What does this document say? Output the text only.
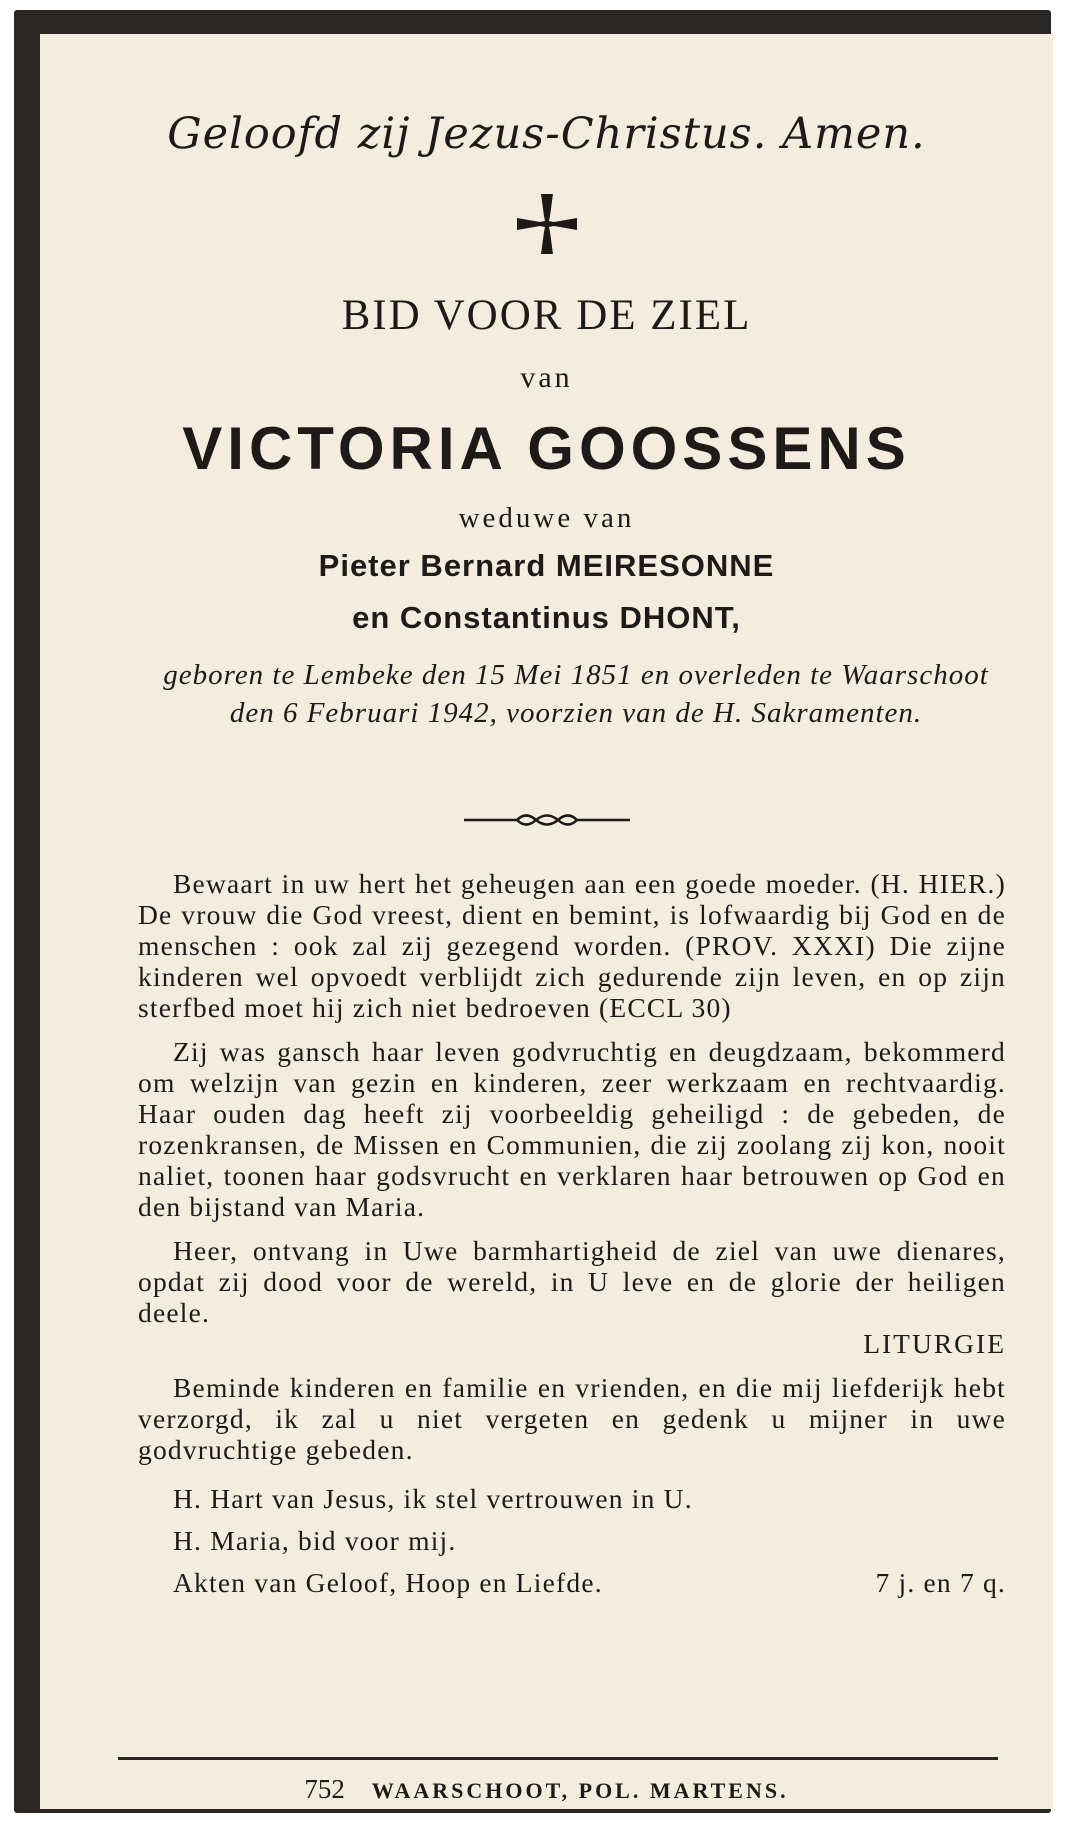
Geloofd zij Jezus-Christus. Amen.
BID VOOR DE ZIEL
van
VICTORIA GOOSSENS
weduwe van
Pieter Bernard MEIRESONNE
en Constantinus DHONT,
geboren te Lembeke den 15 Mei 1851 en overleden te Waarschoot den 6 Februari 1942, voorzien van de H. Sakramenten.

Bewaart in uw hert het geheugen aan een goede moeder. (H. HIER.) De vrouw die God vreest, dient en bemint, is lofwaardig bij God en de menschen : ook zal zij gezegend worden. (PROV. XXXI) Die zijne kinderen wel opvoedt verblijdt zich gedurende zijn leven, en op zijn sterfbed moet hij zich niet bedroeven (ECCL 30)

Zij was gansch haar leven godvruchtig en deugdzaam, bekommerd om welzijn van gezin en kinderen, zeer werkzaam en rechtvaardig. Haar ouden dag heeft zij voorbeeldig geheiligd : de gebeden, de rozenkransen, de Missen en Communien, die zij zoolang zij kon, nooit naliet, toonen haar godsvrucht en verklaren haar betrouwen op God en den bijstand van Maria.

Heer, ontvang in Uwe barmhartigheid de ziel van uwe dienares, opdat zij dood voor de wereld, in U leve en de glorie der heiligen deele.
LITURGIE

Beminde kinderen en familie en vrienden, en die mij liefderijk hebt verzorgd, ik zal u niet vergeten en gedenk u mijner in uwe godvruchtige gebeden.

H. Hart van Jesus, ik stel vertrouwen in U.
H. Maria, bid voor mij.
Akten van Geloof, Hoop en Liefde.	7 j. en 7 q.
752 WAARSCHOOT, POL. MARTENS.
